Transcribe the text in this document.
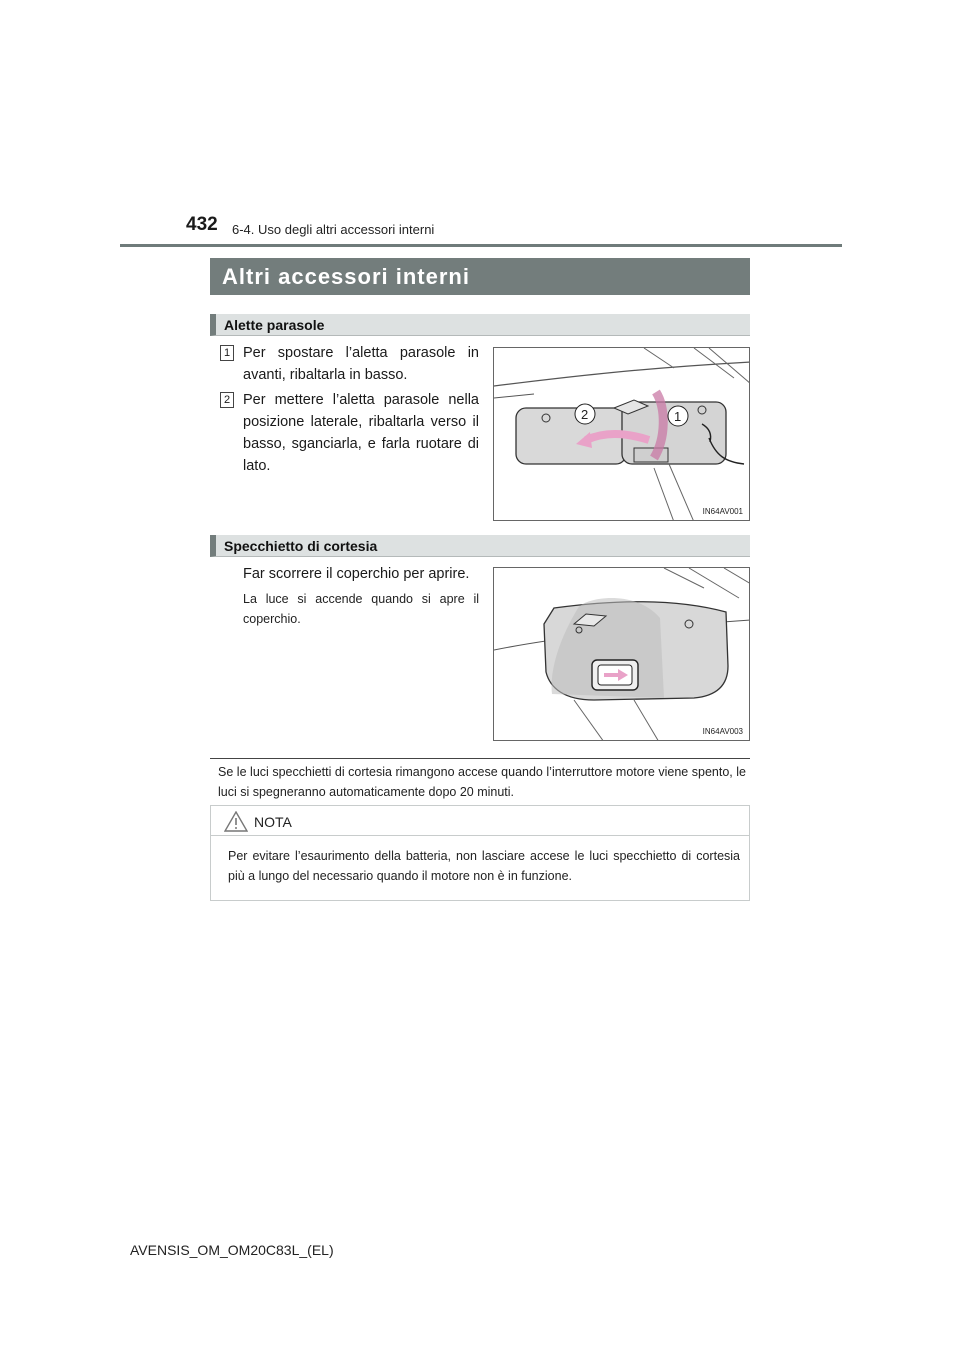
432 6-4. Uso degli altri accessori interni
Altri accessori interni
Alette parasole
1 Per spostare l’aletta parasole in avanti, ribaltarla in basso.
2 Per mettere l’aletta parasole nella posizione laterale, ribaltarla verso il basso, sganciarla, e farla ruotare di lato.
2	1
IN64AV001
Specchietto di cortesia
Far scorrere il coperchio per aprire.
La luce si accende quando si apre il coperchio.
IN64AV003
Se le luci specchietti di cortesia rimangono accese quando l’interruttore motore viene spento, le luci si spegneranno automaticamente dopo 20 minuti.
NOTA
Per evitare l’esaurimento della batteria, non lasciare accese le luci specchietto di cortesia più a lungo del necessario quando il motore non è in funzione.
AVENSIS_OM_OM20C83L_(EL)
